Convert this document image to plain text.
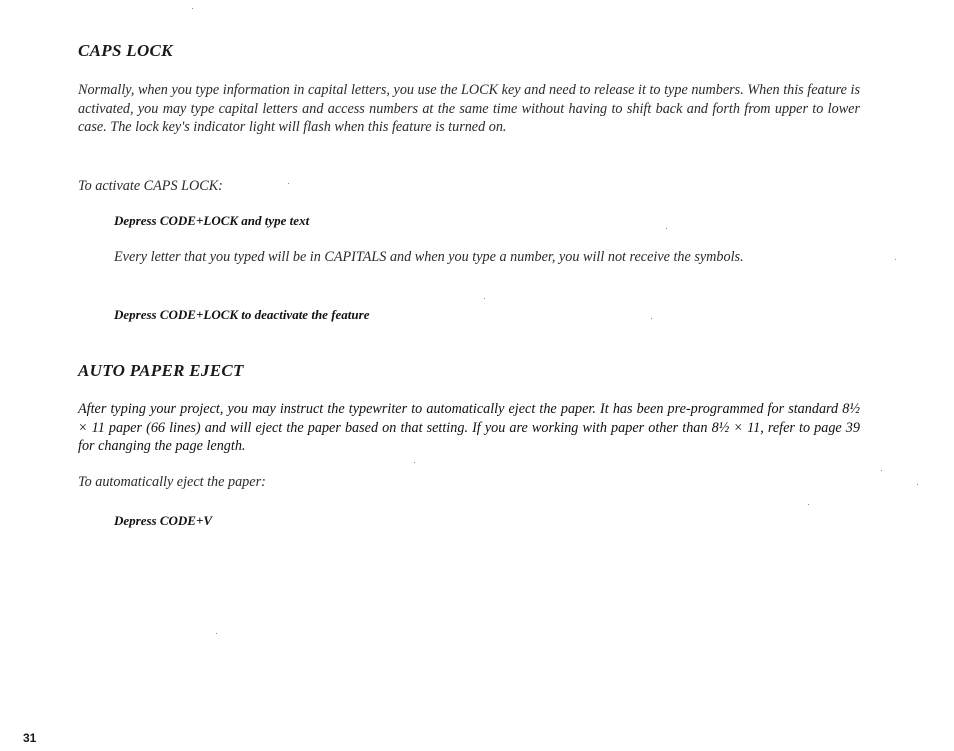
CAPS LOCK

Normally, when you type information in capital letters, you use the LOCK key and need to release it to type numbers. When this feature is activated, you may type capital letters and access numbers at the same time without having to shift back and forth from upper to lower case. The lock key's indicator light will flash when this feature is turned on.

To activate CAPS LOCK:

Depress CODE+LOCK and type text

Every letter that you typed will be in CAPITALS and when you type a number, you will not receive the symbols.

Depress CODE+LOCK to deactivate the feature

AUTO PAPER EJECT

After typing your project, you may instruct the typewriter to automatically eject the paper. It has been pre-programmed for standard 8½ × 11 paper (66 lines) and will eject the paper based on that setting. If you are working with paper other than 8½ × 11, refer to page 39 for changing the page length.

To automatically eject the paper:

Depress CODE+V

31
